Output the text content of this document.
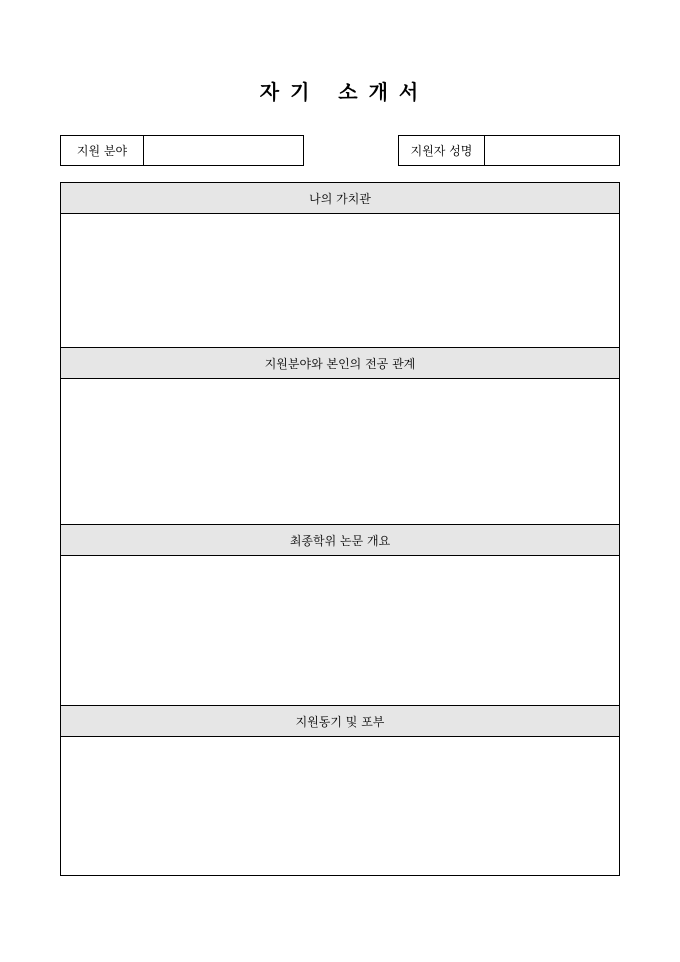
자 기   소 개 서
지원 분야	지원자 성명
나의 가치관
지원분야와 본인의 전공 관계
최종학위 논문 개요
지원동기 및 포부
